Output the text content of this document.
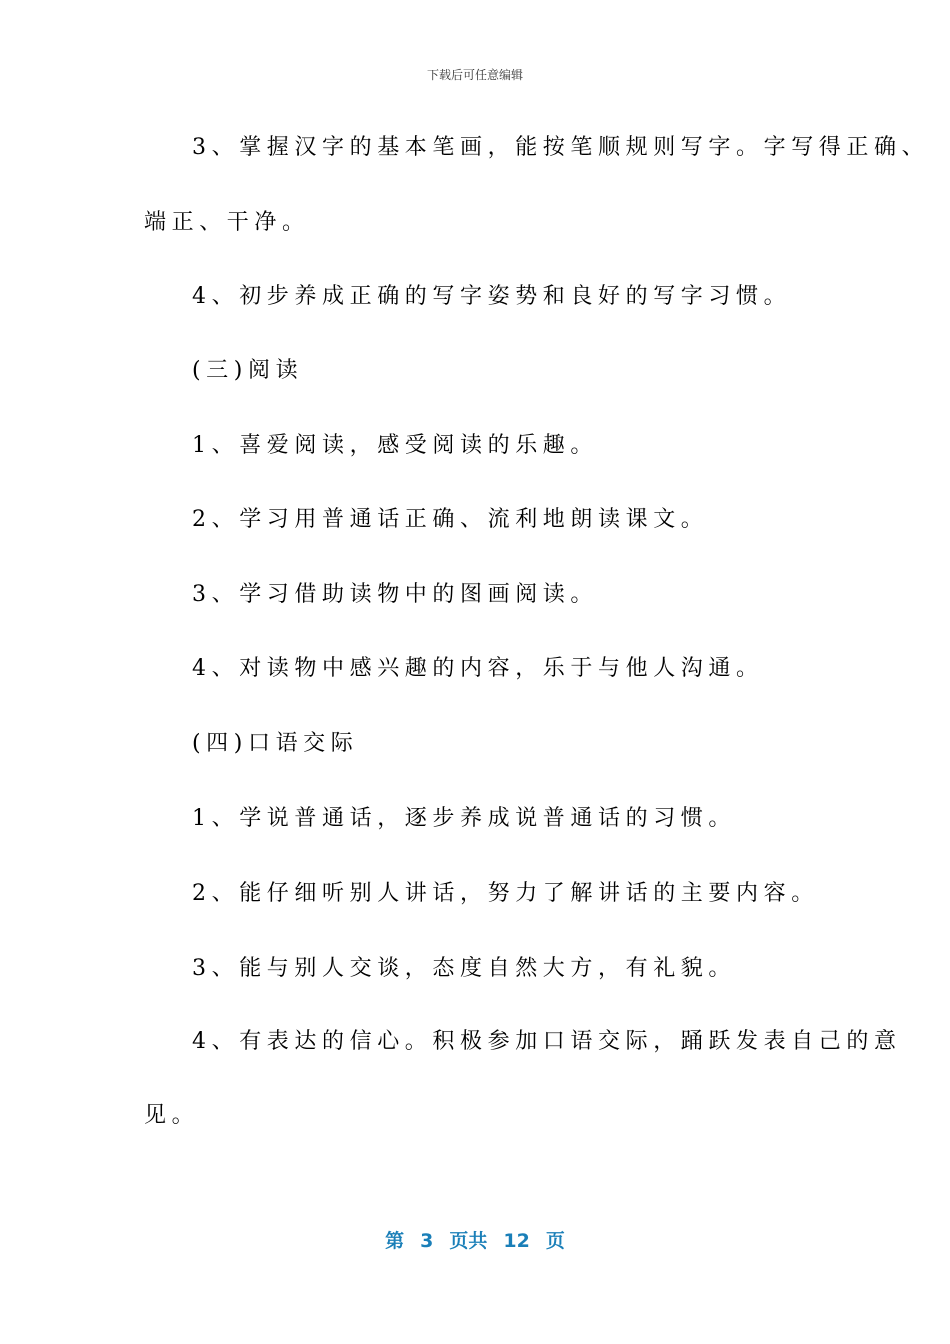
下载后可任意编辑
3、掌握汉字的基本笔画，能按笔顺规则写字。字写得正确、
端正、干净。
4、初步养成正确的写字姿势和良好的写字习惯。
(三)阅读
1、喜爱阅读，感受阅读的乐趣。
2、学习用普通话正确、流利地朗读课文。
3、学习借助读物中的图画阅读。
4、对读物中感兴趣的内容，乐于与他人沟通。
(四)口语交际
1、学说普通话，逐步养成说普通话的习惯。
2、能仔细听别人讲话，努力了解讲话的主要内容。
3、能与别人交谈，态度自然大方，有礼貌。
4、有表达的信心。积极参加口语交际，踊跃发表自己的意
见。
第 3 页共 12 页
